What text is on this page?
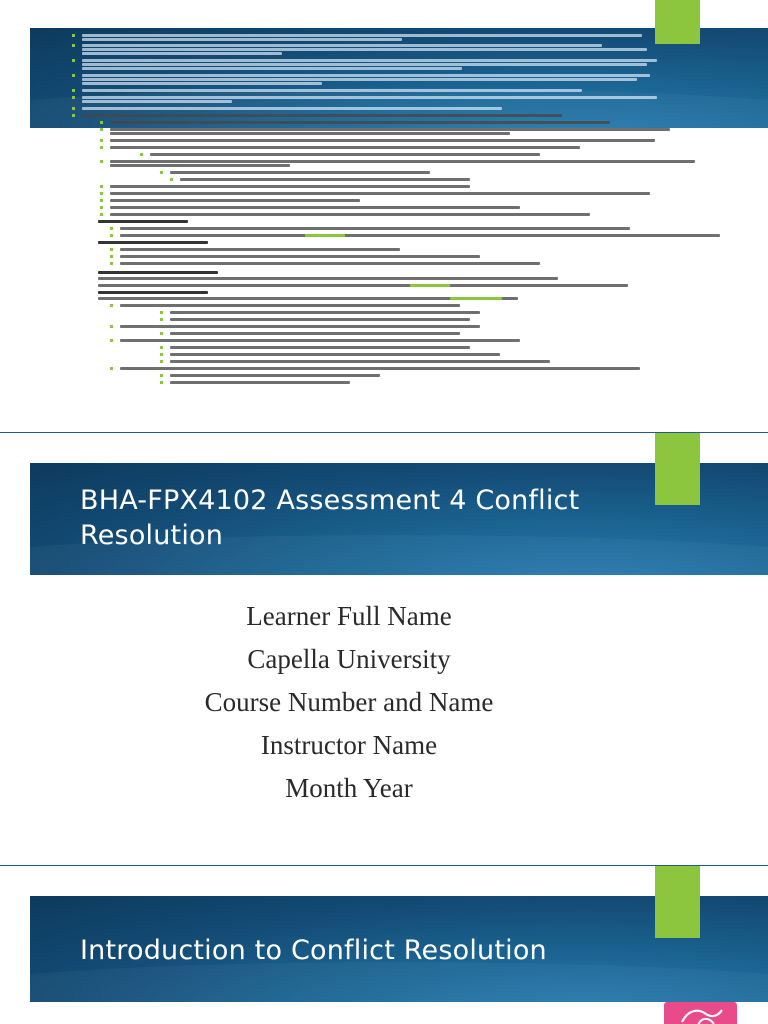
BHA-FPX4102 Assessment 4 Conflict Resolution
Learner Full Name
Capella University
Course Number and Name
Instructor Name
Month Year
Introduction to Conflict Resolution
